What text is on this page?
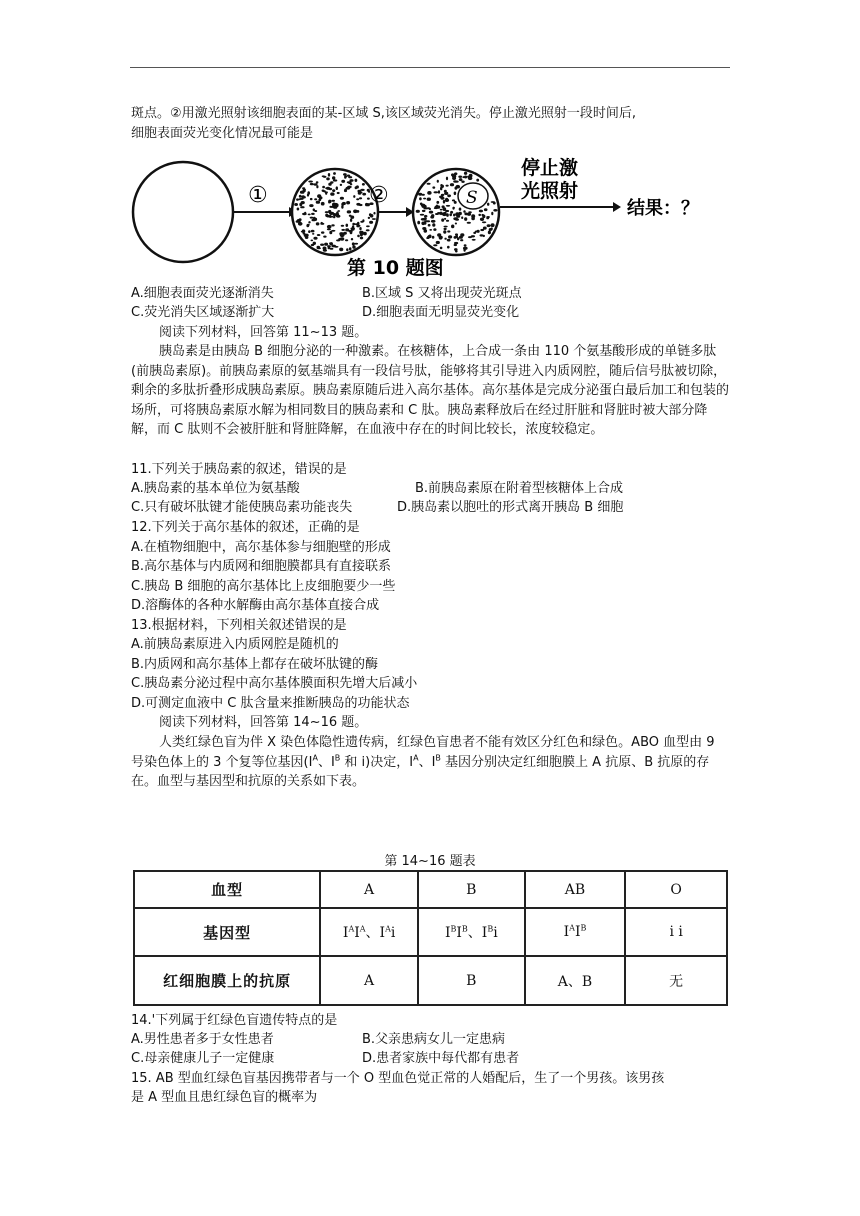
斑点。②用激光照射该细胞表面的某-区域 S,该区域荧光消失。停止激光照射一段时间后,
细胞表面荧光变化情况最可能是
①	②	S
停止激
光照射
结果：？
第 10 题图
A.细胞表面荧光逐渐消失	B.区域 S 又将出现荧光斑点
C.荧光消失区域逐渐扩大	D.细胞表面无明显荧光变化
阅读下列材料，回答第 11~13 题。
胰岛素是由胰岛 B 细胞分泌的一种激素。在核糖体，上合成一条由 110 个氨基酸形成的单链多肽(前胰岛素原)。前胰岛素原的氨基端具有一段信号肽，能够将其引导进入内质网腔，随后信号肽被切除，剩余的多肽折叠形成胰岛素原。胰岛素原随后进入高尔基体。高尔基体是完成分泌蛋白最后加工和包装的场所，可将胰岛素原水解为相同数目的胰岛素和 C 肽。胰岛素释放后在经过肝脏和肾脏时被大部分降解，而 C 肽则不会被肝脏和肾脏降解，在血液中存在的时间比较长，浓度较稳定。
11.下列关于胰岛素的叙述，错误的是
A.胰岛素的基本单位为氨基酸	B.前胰岛素原在附着型核糖体上合成
C.只有破坏肽键才能使胰岛素功能丧失	D.胰岛素以胞吐的形式离开胰岛 B 细胞
12.下列关于高尔基体的叙述，正确的是
A.在植物细胞中，高尔基体参与细胞壁的形成
B.高尔基体与内质网和细胞膜都具有直接联系
C.胰岛 B 细胞的高尔基体比上皮细胞要少一些
D.溶酶体的各种水解酶由高尔基体直接合成
13.根据材料，下列相关叙述错误的是
A.前胰岛素原进入内质网腔是随机的
B.内质网和高尔基体上都存在破坏肽键的酶
C.胰岛素分泌过程中高尔基体膜面积先增大后减小
D.可测定血液中 C 肽含量来推断胰岛的功能状态
阅读下列材料，回答第 14~16 题。
人类红绿色盲为伴 X 染色体隐性遗传病，红绿色盲患者不能有效区分红色和绿色。ABO 血型由 9 号染色体上的 3 个复等位基因($I^A$、$I^B$ 和 i)决定，$I^A$、$I^B$ 基因分别决定红细胞膜上 A 抗原、B 抗原的存在。血型与基因型和抗原的关系如下表。
第 14~16 题表
血型	A	B	AB	O
基因型	$I^AI^A$、$I^Ai$	$I^BI^B$、$I^Bi$	$I^AI^B$	i i
红细胞膜上的抗原	A	B	A、B	无
14.'下列属于红绿色盲遗传特点的是
A.男性患者多于女性患者	B.父亲患病女儿一定患病
C.母亲健康儿子一定健康	D.患者家族中每代都有患者
15. AB 型血红绿色盲基因携带者与一个 O 型血色觉正常的人婚配后，生了一个男孩。该男孩
是 A 型血且患红绿色盲的概率为
